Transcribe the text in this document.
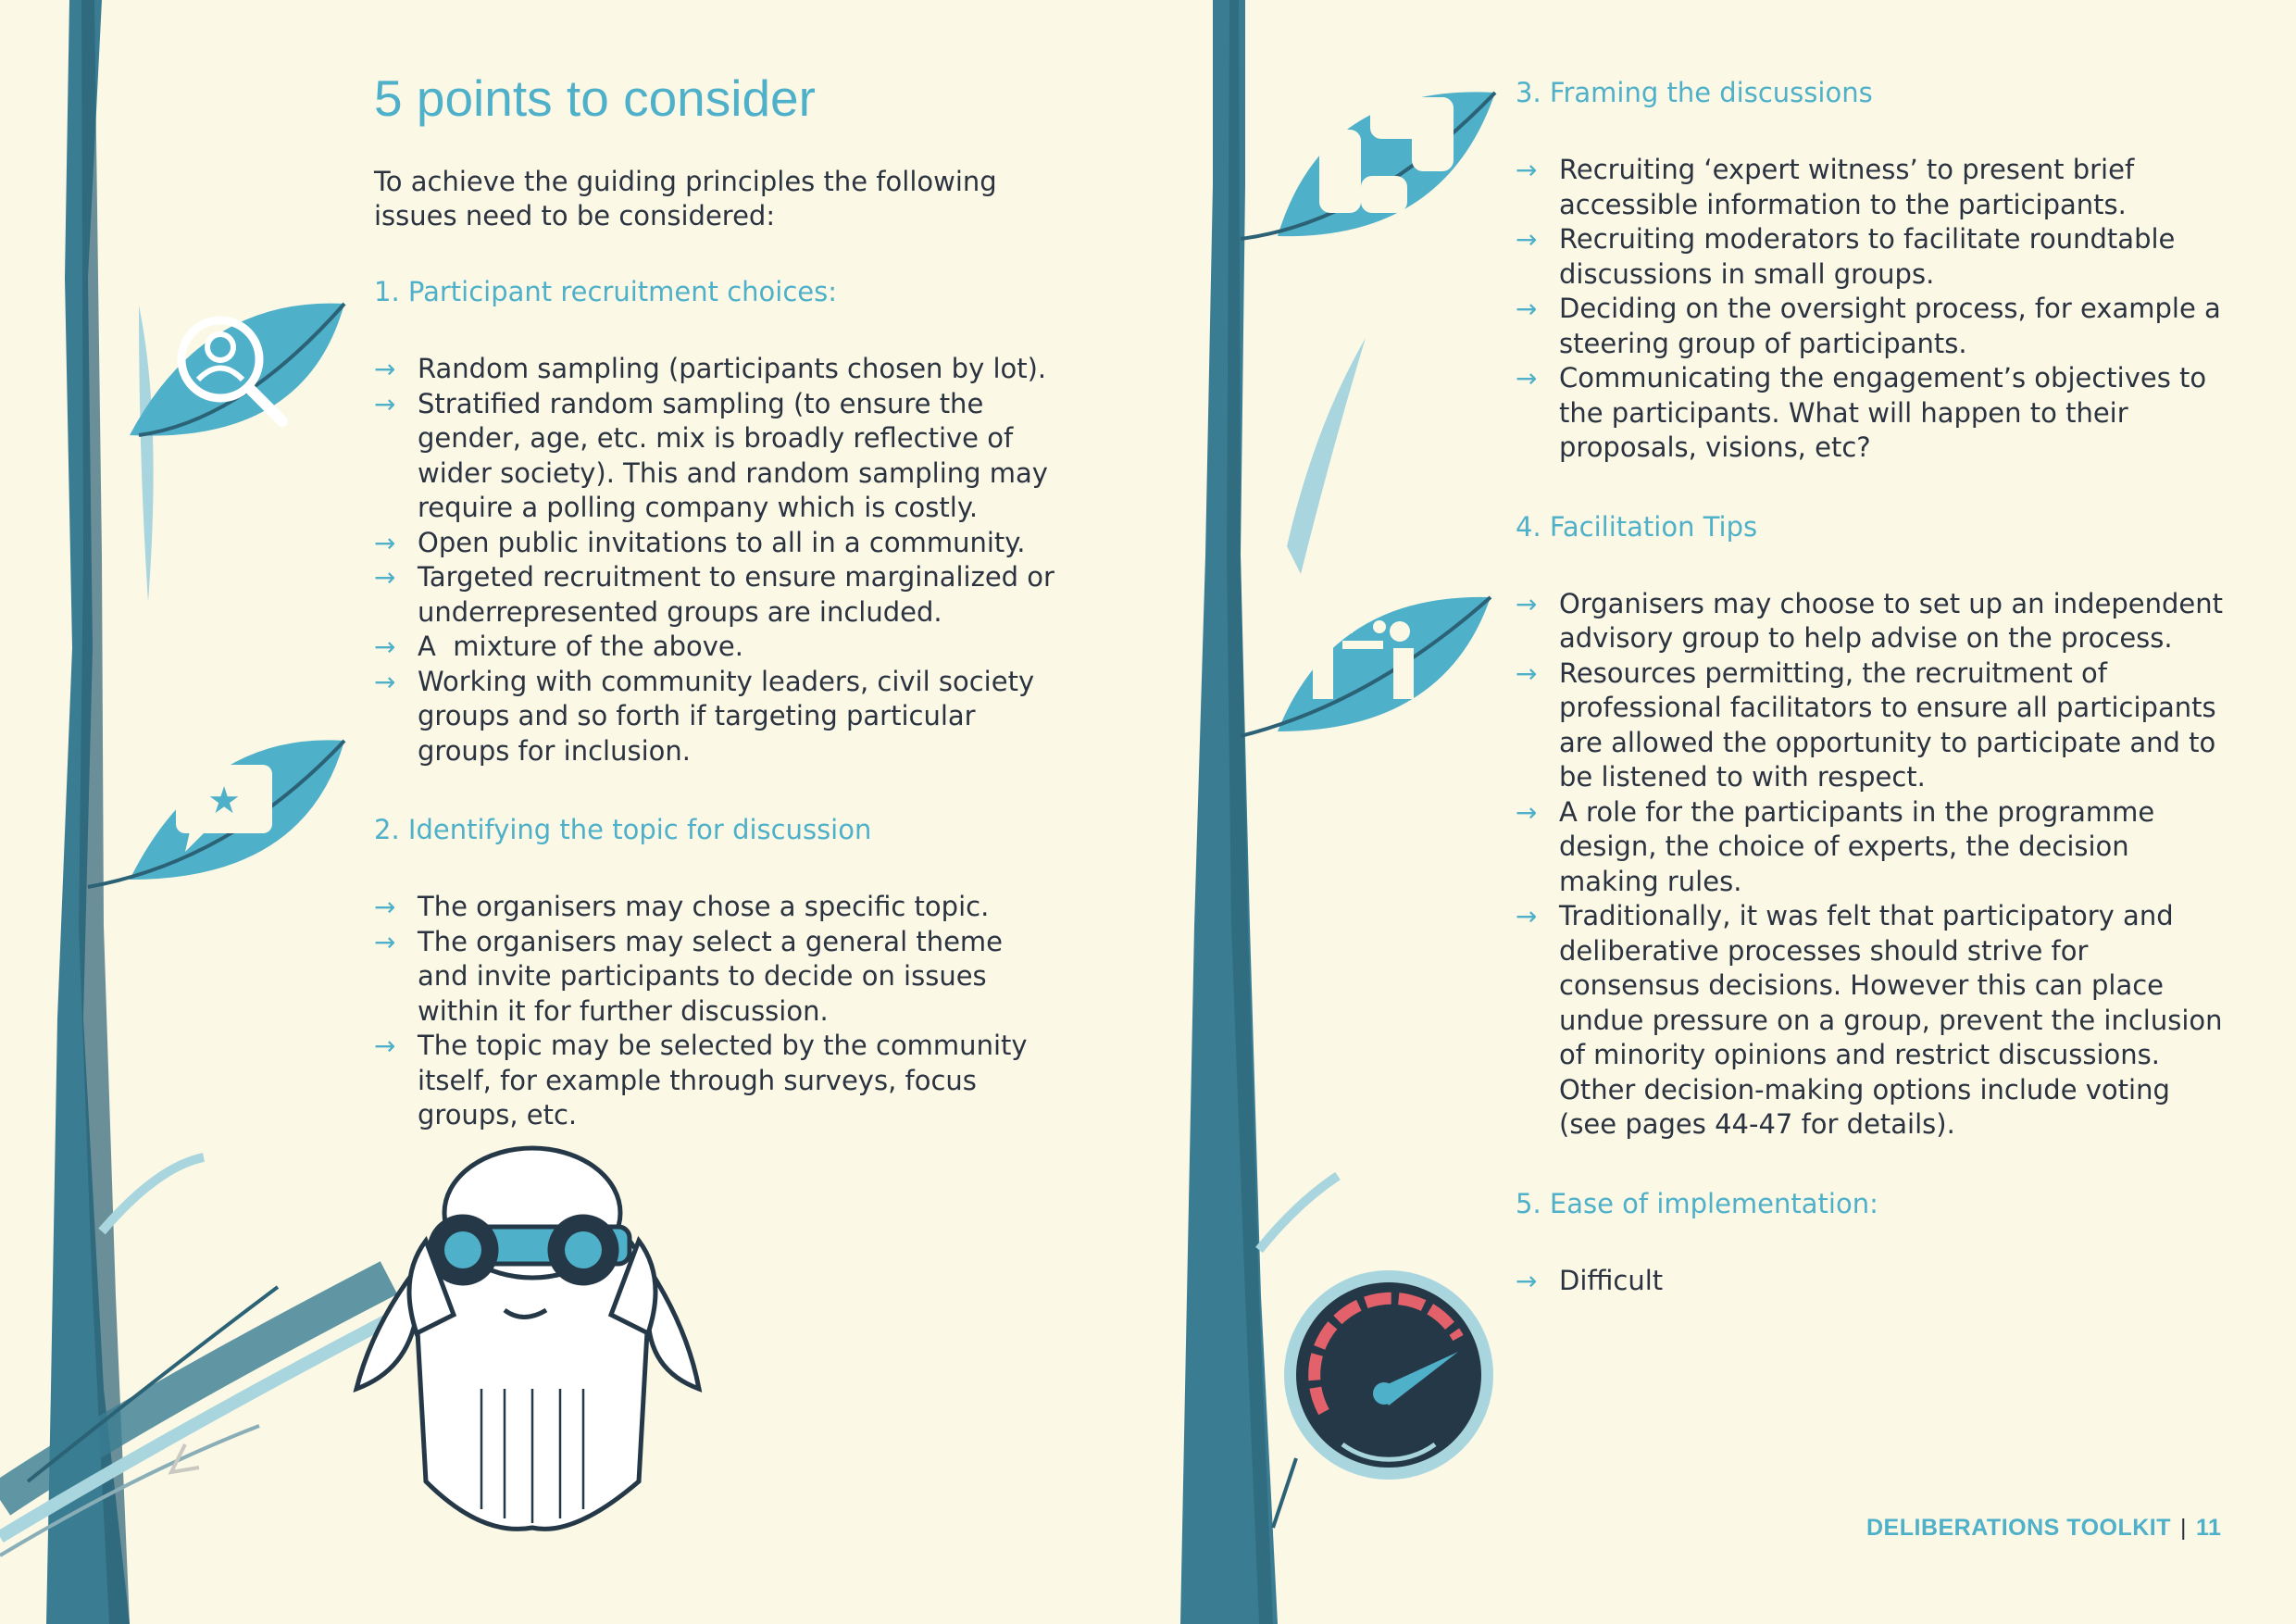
★
5 points to consider

To achieve the guiding principles the following issues need to be considered:

1. Participant recruitment choices:
→ Random sampling (participants chosen by lot).
→ Stratified random sampling (to ensure the gender, age, etc. mix is broadly reflective of wider society). This and random sampling may require a polling company which is costly.
→ Open public invitations to all in a community.
→ Targeted recruitment to ensure marginalized or underrepresented groups are included.
→ A  mixture of the above.
→ Working with community leaders, civil society groups and so forth if targeting particular groups for inclusion.
2. Identifying the topic for discussion
→ The organisers may chose a specific topic.
→ The organisers may select a general theme and invite participants to decide on issues within it for further discussion.
→ The topic may be selected by the community itself, for example through surveys, focus groups, etc.
3. Framing the discussions
→ Recruiting ‘expert witness’ to present brief accessible information to the participants.
→ Recruiting moderators to facilitate roundtable discussions in small groups.
→ Deciding on the oversight process, for example a steering group of participants.
→ Communicating the engagement’s objectives to the participants. What will happen to their proposals, visions, etc?
4. Facilitation Tips
→ Organisers may choose to set up an independent advisory group to help advise on the process.
→ Resources permitting, the recruitment of professional facilitators to ensure all participants are allowed the opportunity to participate and to be listened to with respect.
→ A role for the participants in the programme design, the choice of experts, the decision making rules.
→ Traditionally, it was felt that participatory and deliberative processes should strive for consensus decisions. However this can place undue pressure on a group, prevent the inclusion of minority opinions and restrict discussions. Other decision-making options include voting (see pages 44-47 for details).
5. Ease of implementation:
→ Difficult
DELIBERATIONS TOOLKIT | 11
